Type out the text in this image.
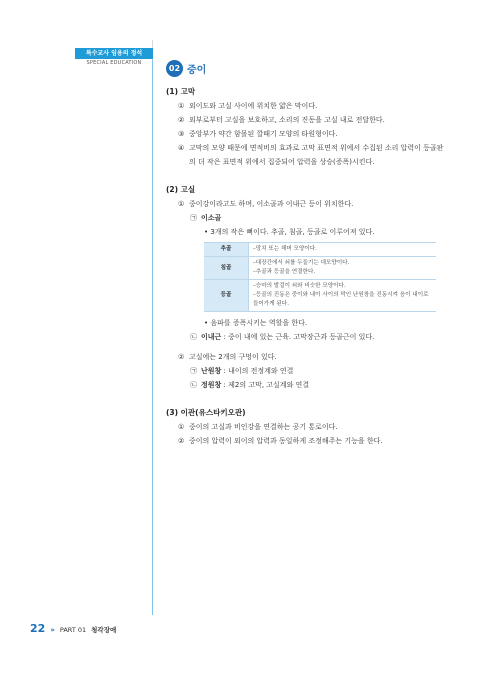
특수교사 임용의 정석
SPECIAL EDUCATION
02 중이
(1) 고막
① 외이도와 고실 사이에 위치한 얇은 막이다.
② 외부로부터 고실을 보호하고, 소리의 진동을 고실 내로 전달한다.
③ 중앙부가 약간 함몰된 깔때기 모양의 타원형이다.
④ 고막의 모양 때문에 면적비의 효과로 고막 표면적 위에서 수집된 소리 압력이 등골판의 더 작은 표면적 위에서 집중되어 압력을 상승(증폭)시킨다.
(2) 고실
① 중이강이라고도 하며, 이소골과 이내근 등이 위치한다.
㉠ 이소골
• 3개의 작은 뼈이다. 추골, 침골, 등골로 이루어져 있다.
추골	–망치 또는 해머 모양이다.

침골	–대장간에서 쇠를 두들기는 대모양이다.
–추골과 등골을 연결한다.

등골	–승마의 발걸이 쇠와 비슷한 모양이다.
–등골의 진동은 중이와 내이 사이의 막인 난원창을 진동시켜 음이 내이로 들어가게 된다.
• 음파를 증폭시키는 역할을 한다.
㉡ 이내근 : 중이 내에 있는 근육. 고막장근과 등골근이 있다.
② 고실에는 2개의 구멍이 있다.
㉠ 난원창 : 내이의 전정계와 연결
㉡ 정원창 : 제2의 고막, 고실계와 연결
(3) 이관(유스타키오관)
① 중이의 고실과 비인강을 연결하는 공기 통로이다.
② 중이의 압력이 외이의 압력과 동일하게 조정해주는 기능을 한다.
22 » PART 01 청각장애
